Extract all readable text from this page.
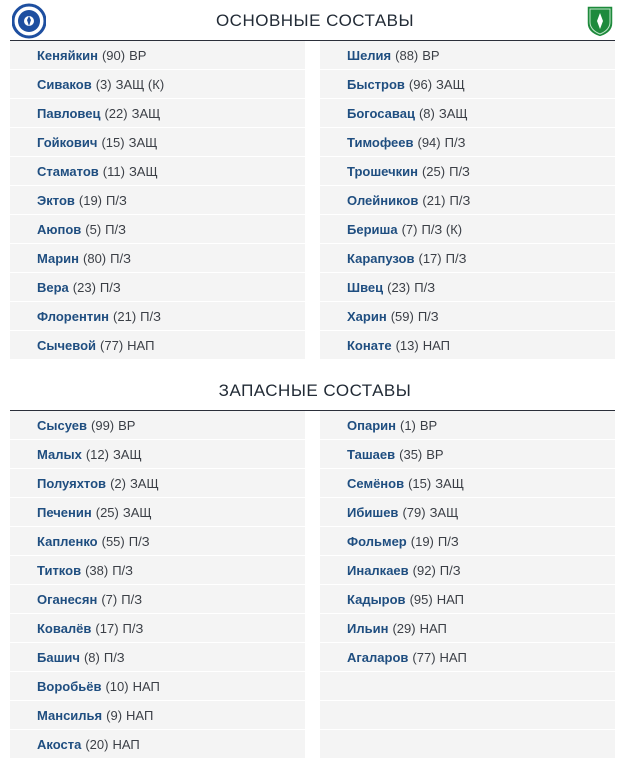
ОСНОВНЫЕ СОСТАВЫ
Кеняйкин (90) ВР
Сиваков (3) ЗАЩ (К)
Павловец (22) ЗАЩ
Гойкович (15) ЗАЩ
Стаматов (11) ЗАЩ
Эктов (19) П/З
Аюпов (5) П/З
Марин (80) П/З
Вера (23) П/З
Флорентин (21) П/З
Сычевой (77) НАП
Шелия (88) ВР
Быстров (96) ЗАЩ
Богосавац (8) ЗАЩ
Тимофеев (94) П/З
Трошечкин (25) П/З
Олейников (21) П/З
Бериша (7) П/З (К)
Карапузов (17) П/З
Швец (23) П/З
Харин (59) П/З
Конате (13) НАП
ЗАПАСНЫЕ СОСТАВЫ
Сысуев (99) ВР
Малых (12) ЗАЩ
Полуяхтов (2) ЗАЩ
Печенин (25) ЗАЩ
Капленко (55) П/З
Титков (38) П/З
Оганесян (7) П/З
Ковалёв (17) П/З
Башич (8) П/З
Воробьёв (10) НАП
Мансилья (9) НАП
Акоста (20) НАП
Опарин (1) ВР
Ташаев (35) ВР
Семёнов (15) ЗАЩ
Ибишев (79) ЗАЩ
Фольмер (19) П/З
Иналкаев (92) П/З
Кадыров (95) НАП
Ильин (29) НАП
Агаларов (77) НАП
